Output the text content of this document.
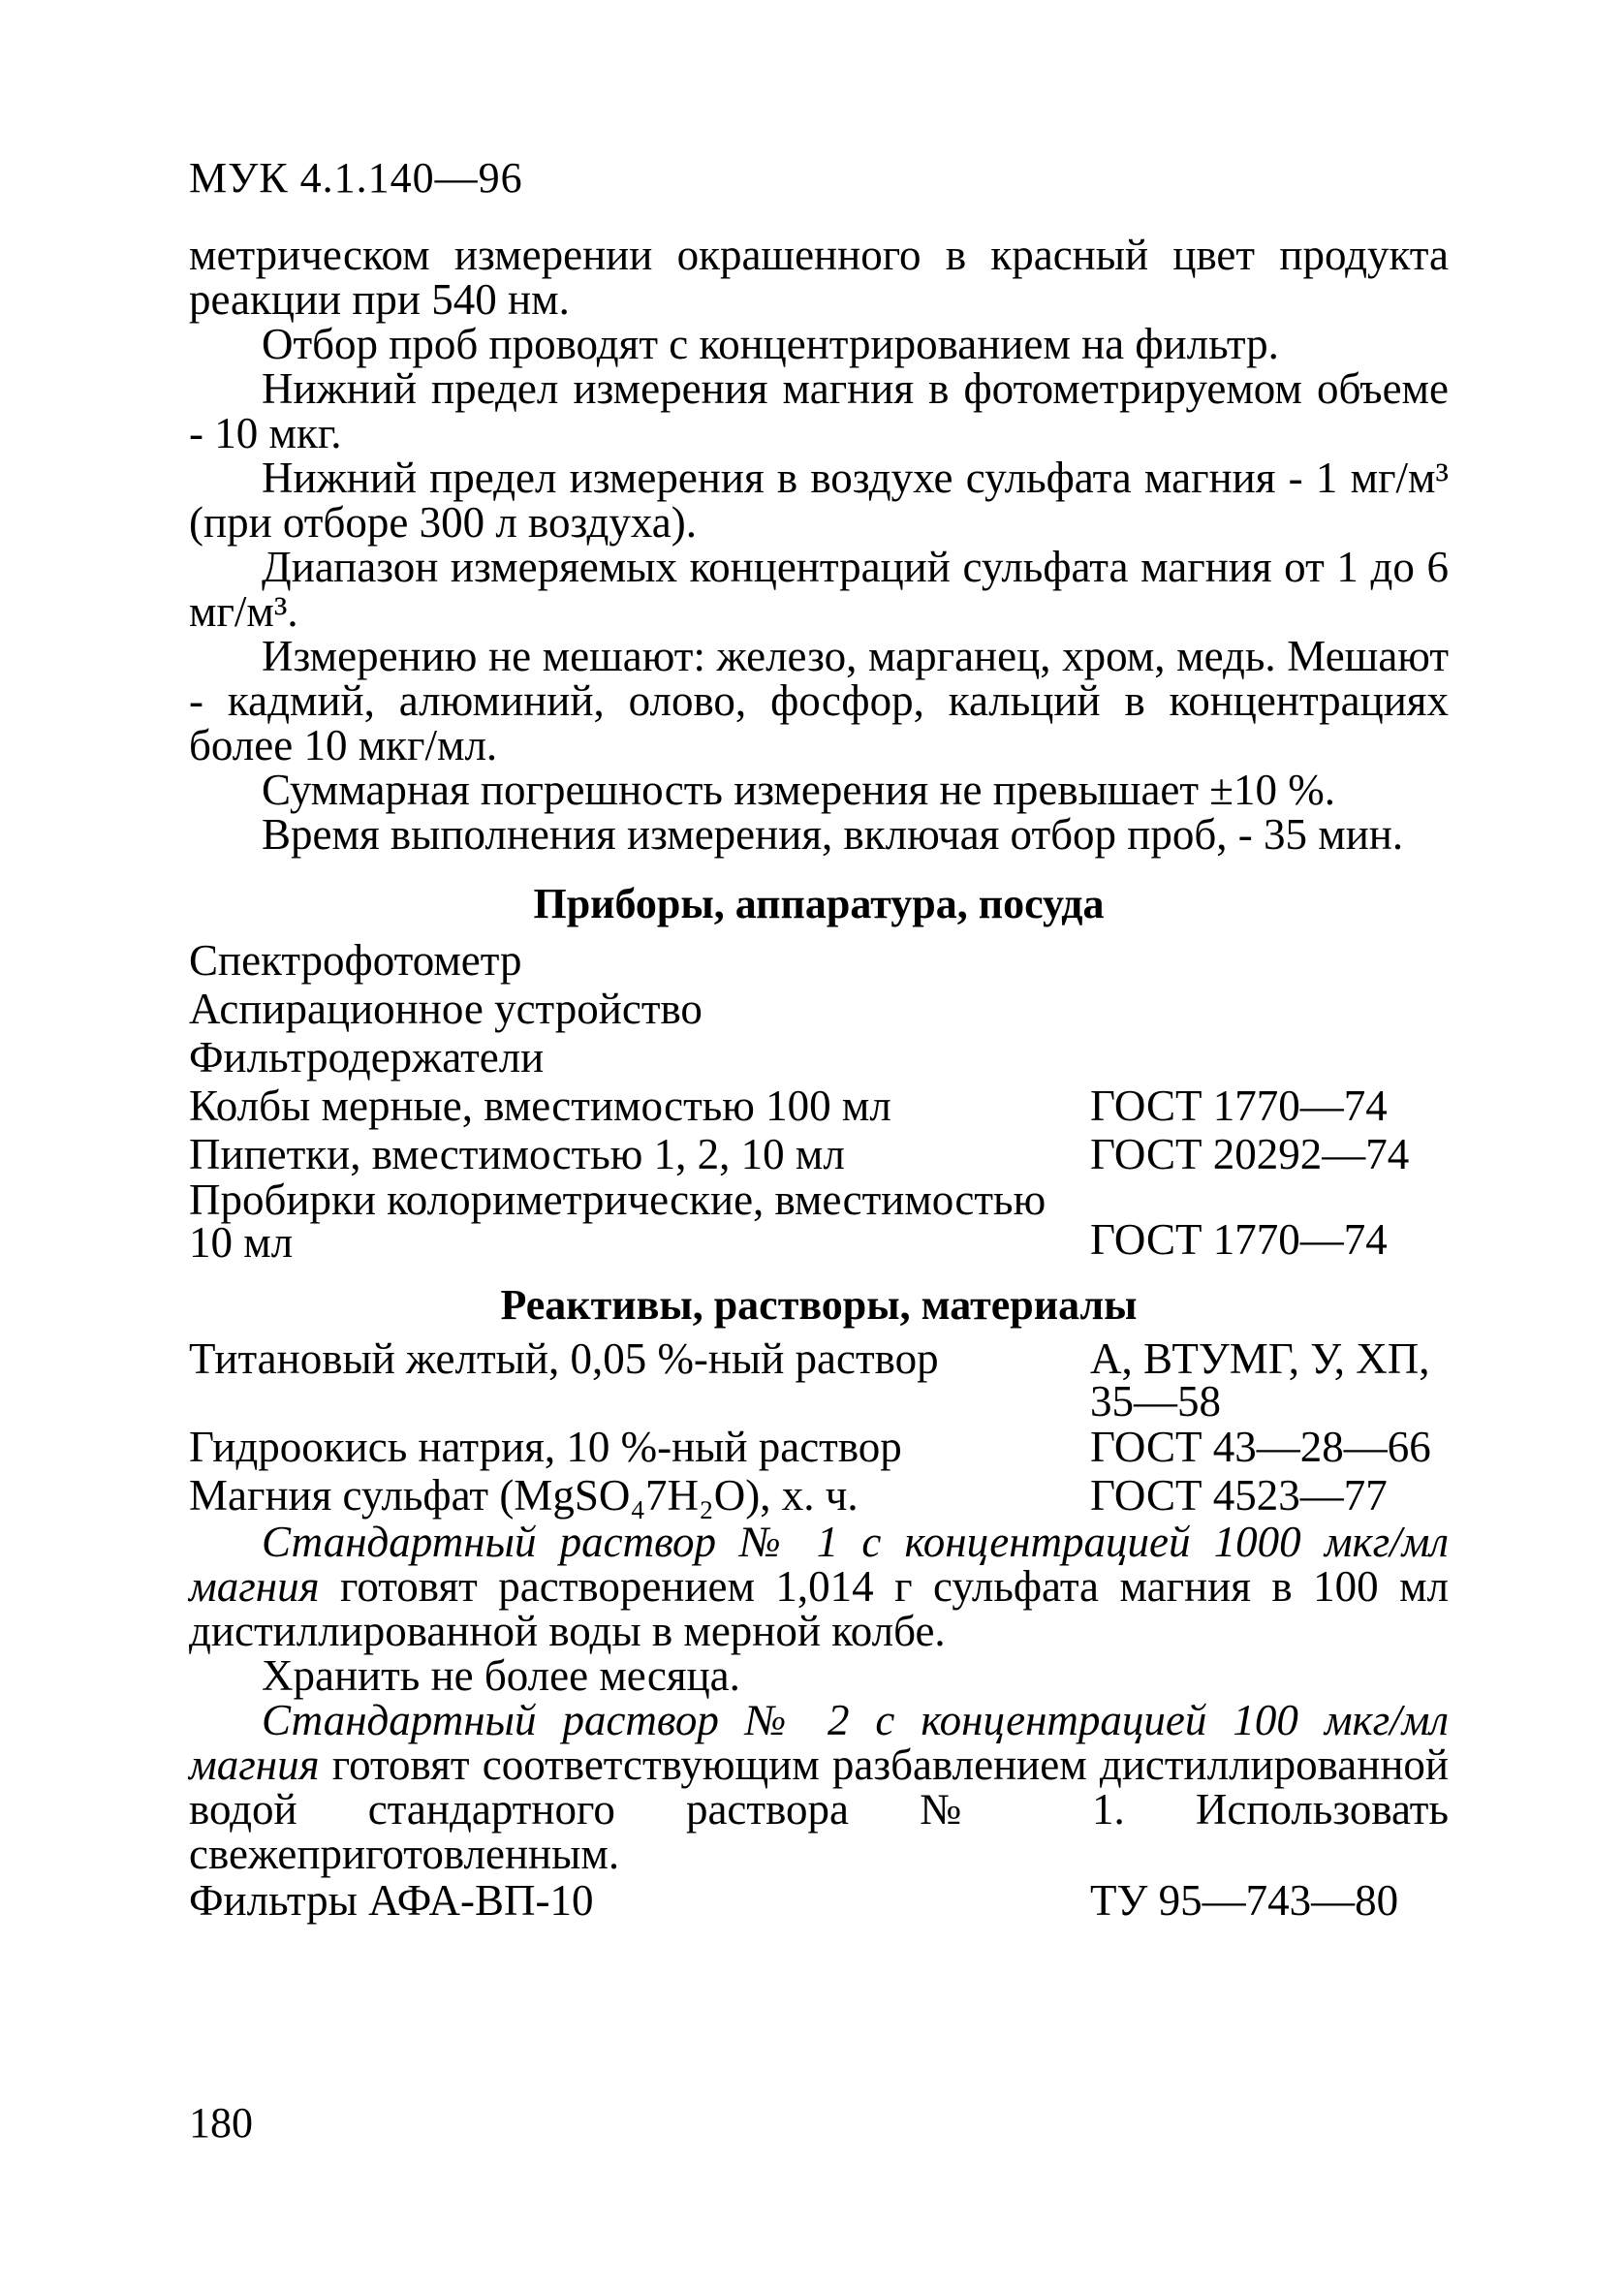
МУК 4.1.140—96

метрическом измерении окрашенного в красный цвет продукта реакции при 540 нм.

Отбор проб проводят с концентрированием на фильтр.

Нижний предел измерения магния в фотометрируемом объеме - 10 мкг.

Нижний предел измерения в воздухе сульфата магния - 1 мг/м³ (при отборе 300 л воздуха).

Диапазон измеряемых концентраций сульфата магния от 1 до 6 мг/м³.

Измерению не мешают: железо, марганец, хром, медь. Мешают - кадмий, алюминий, олово, фосфор, кальций в концентрациях более 10 мкг/мл.

Суммарная погрешность измерения не превышает ±10 %.

Время выполнения измерения, включая отбор проб, - 35 мин.

Приборы, аппаратура, посуда
Спектрофотометр
Аспирационное устройство
Фильтродержатели
Колбы мерные, вместимостью 100 мл	ГОСТ 1770—74
Пипетки, вместимостью 1, 2, 10 мл	ГОСТ 20292—74
Пробирки колориметрические, вместимостью 10 мл	ГОСТ 1770—74
Реактивы, растворы, материалы
Титановый желтый, 0,05 %-ный раствор	А, ВТУМГ, У, ХП, 35—58
Гидроокись натрия, 10 %-ный раствор	ГОСТ 43—28—66
Магния сульфат (MgSO₄7H₂O), х. ч.	ГОСТ 4523—77

Стандартный раствор № 1 с концентрацией 1000 мкг/мл магния готовят растворением 1,014 г сульфата магния в 100 мл дистиллированной воды в мерной колбе.

Хранить не более месяца.

Стандартный раствор № 2 с концентрацией 100 мкг/мл магния готовят соответствующим разбавлением дистиллированной водой стандартного раствора № 1. Использовать свежеприготовленным.

Фильтры АФА-ВП-10	ТУ 95—743—80
180
